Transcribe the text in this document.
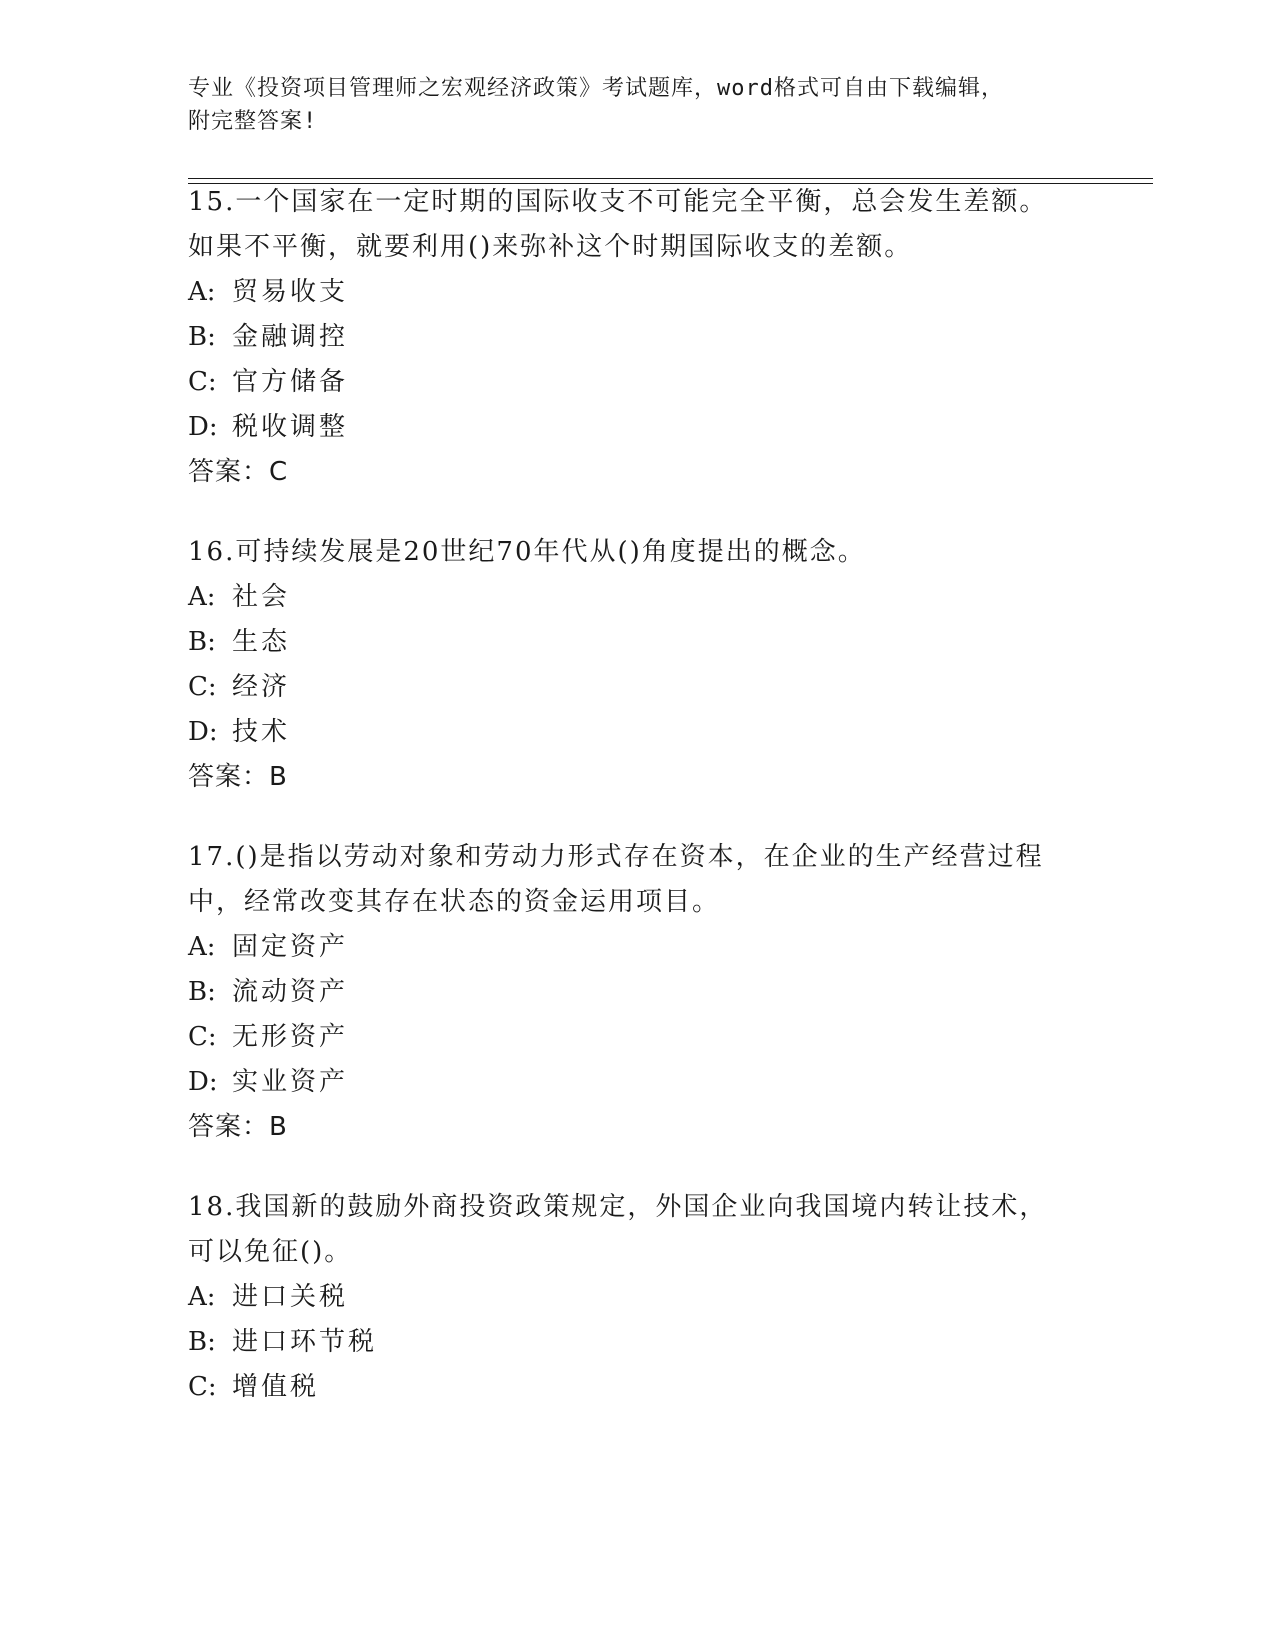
专业《投资项目管理师之宏观经济政策》考试题库，word格式可自由下载编辑，
附完整答案!
15.一个国家在一定时期的国际收支不可能完全平衡，总会发生差额。
如果不平衡，就要利用()来弥补这个时期国际收支的差额。
A: 贸易收支
B: 金融调控
C: 官方储备
D: 税收调整
答案：C
16.可持续发展是20世纪70年代从()角度提出的概念。
A: 社会
B: 生态
C: 经济
D: 技术
答案：B
17.()是指以劳动对象和劳动力形式存在资本，在企业的生产经营过程
中，经常改变其存在状态的资金运用项目。
A: 固定资产
B: 流动资产
C: 无形资产
D: 实业资产
答案：B
18.我国新的鼓励外商投资政策规定，外国企业向我国境内转让技术，
可以免征()。
A: 进口关税
B: 进口环节税
C: 增值税
